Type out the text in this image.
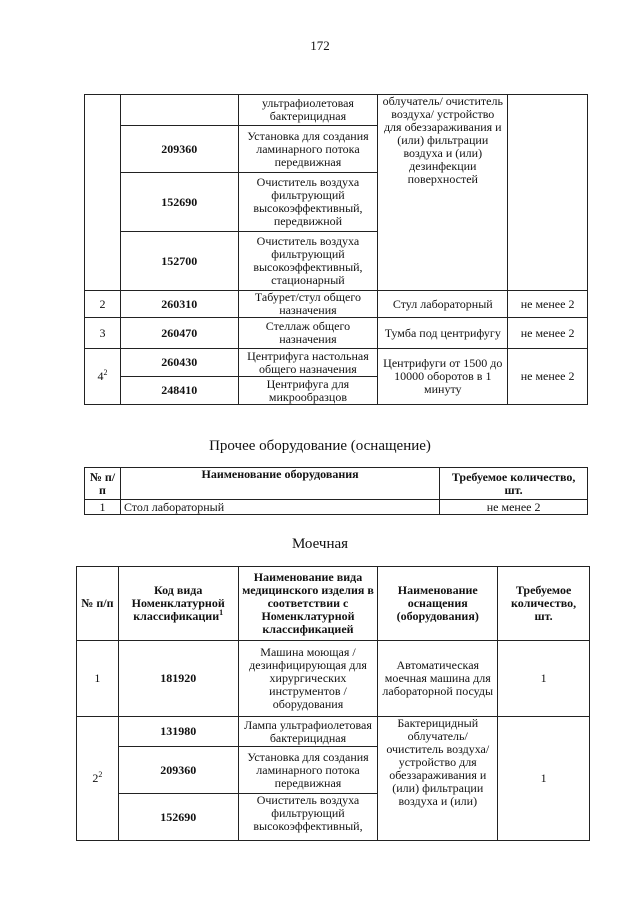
172
		ультрафиолетовая бактерицидная	облучатель/ очиститель воздуха/ устройство для обеззараживания и (или) фильтрации воздуха и (или) дезинфекции поверхностей	
	209360	Установка для создания ламинарного потока передвижная		
	152690	Очиститель воздуха фильтрующий высокоэффективный, передвижной		
	152700	Очиститель воздуха фильтрующий высокоэффективный, стационарный		
2	260310	Табурет/стул общего назначения	Стул лабораторный	не менее 2
3	260470	Стеллаж общего назначения	Тумба под центрифугу	не менее 2
$4^2$	260430	Центрифуга настольная общего назначения	Центрифуги от 1500 до 10000 оборотов в 1 минуту	не менее 2
	248410	Центрифуга для микрообразцов		
Прочее оборудование (оснащение)
№ п/п	Наименование оборудования	Требуемое количество, шт.
1	Стол лабораторный	не менее 2
Моечная
№ п/п	Код вида Номенклатурной классификации$^1$	Наименование вида медицинского изделия в соответствии с Номенклатурной классификацией	Наименование оснащения (оборудования)	Требуемое количество, шт.
1	181920	Машина моющая /дезинфицирующая для хирургических инструментов /оборудования	Автоматическая моечная машина для лабораторной посуды	1
$2^2$	131980	Лампа ультрафиолетовая бактерицидная	Бактерицидный облучатель/ очиститель воздуха/ устройство для обеззараживания и (или) фильтрации воздуха и (или)	1
	209360	Установка для создания ламинарного потока передвижная		
	152690	Очиститель воздуха фильтрующий высокоэффективный,		
